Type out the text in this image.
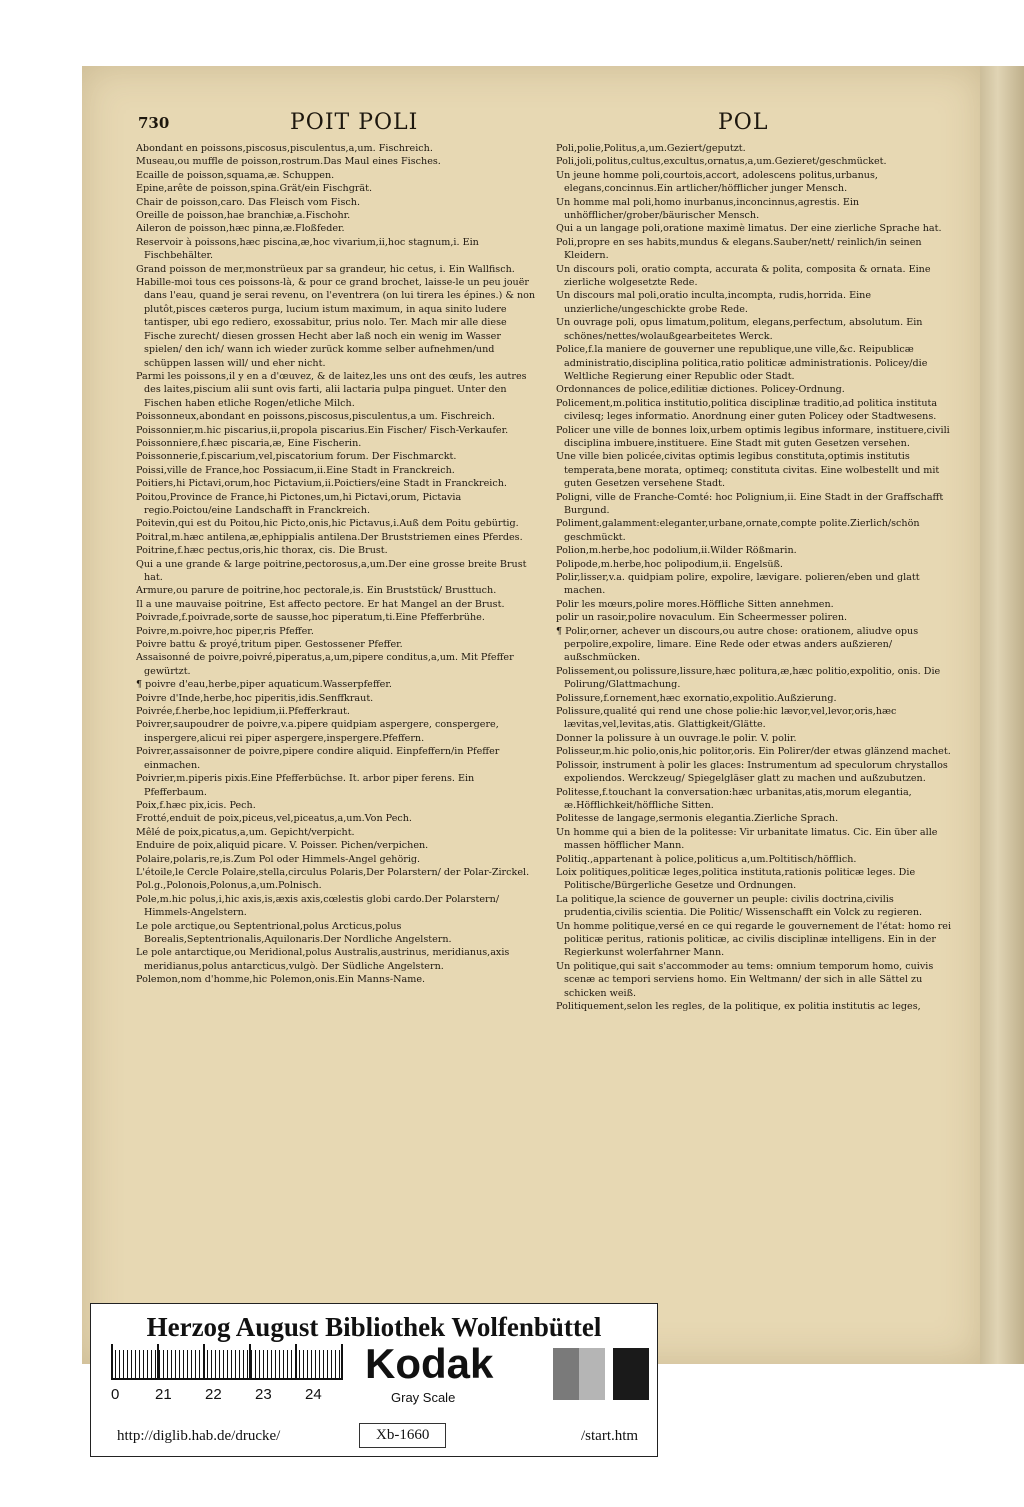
730	POIT POLI	POL

Abondant en poissons,piscosus,pisculentus,a,um. Fischreich.

Museau,ou muffle de poisson,rostrum.Das Maul eines Fisches.

Ecaille de poisson,squama,æ. Schuppen.

Epine,arête de poisson,spina.Grät/ein Fischgrät.

Chair de poisson,caro. Das Fleisch vom Fisch.

Oreille de poisson,hae branchiæ,a.Fischohr.

Aileron de poisson,hæc pinna,æ.Floßfeder.

Reservoir à poissons,hæc piscina,æ,hoc vivarium,ii,hoc stagnum,i. Ein Fischbehälter.

Grand poisson de mer,monstrüeux par sa grandeur, hic cetus, i. Ein Wallfisch.

Habille-moi tous ces poissons-là, & pour ce grand brochet, laisse-le un peu jouër dans l'eau, quand je serai revenu, on l'eventrera (on lui tirera les épines.) & non plutôt,pisces cæteros purga, lucium istum maximum, in aqua sinito ludere tantisper, ubi ego rediero, exossabitur, prius nolo. Ter. Mach mir alle diese Fische zurecht/ diesen grossen Hecht aber laß noch ein wenig im Wasser spielen/ den ich/ wann ich wieder zurück komme selber aufnehmen/und schüppen lassen will/ und eher nicht.

Parmi les poissons,il y en a d'œuvez, & de laitez,les uns ont des œufs, les autres des laites,piscium alii sunt ovis farti, alii lactaria pulpa pinguet. Unter den Fischen haben etliche Rogen/etliche Milch.

Poissonneux,abondant en poissons,piscosus,pisculentus,a um. Fischreich.

Poissonnier,m.hic piscarius,ii,propola piscarius.Ein Fischer/ Fisch-Verkaufer.

Poissonniere,f.hæc piscaria,æ, Eine Fischerin.

Poissonnerie,f.piscarium,vel,piscatorium forum. Der Fischmarckt.

Poissi,ville de France,hoc Possiacum,ii.Eine Stadt in Franckreich.

Poitiers,hi Pictavi,orum,hoc Pictavium,ii.Poictiers/eine Stadt in Franckreich.

Poitou,Province de France,hi Pictones,um,hi Pictavi,orum, Pictavia regio.Poictou/eine Landschafft in Franckreich.

Poitevin,qui est du Poitou,hic Picto,onis,hic Pictavus,i.Auß dem Poitu gebürtig.

Poitral,m.hæc antilena,æ,ephippialis antilena.Der Bruststriemen eines Pferdes.

Poitrine,f.hæc pectus,oris,hic thorax, cis. Die Brust.

Qui a une grande & large poitrine,pectorosus,a,um.Der eine grosse breite Brust hat.

Armure,ou parure de poitrine,hoc pectorale,is. Ein Bruststück/ Brusttuch.

Il a une mauvaise poitrine, Est affecto pectore. Er hat Mangel an der Brust.

Poivrade,f.poivrade,sorte de sausse,hoc piperatum,ti.Eine Pfefferbrühe.

Poivre,m.poivre,hoc piper,ris Pfeffer.

Poivre battu & proyé,tritum piper. Gestossener Pfeffer.

Assaisonné de poivre,poivré,piperatus,a,um,pipere conditus,a,um. Mit Pfeffer gewürtzt.

¶ poivre d'eau,herbe,piper aquaticum.Wasserpfeffer.

Poivre d'Inde,herbe,hoc piperitis,idis.Senffkraut.

Poivrée,f.herbe,hoc lepidium,ii.Pfefferkraut.

Poivrer,saupoudrer de poivre,v.a.pipere quidpiam aspergere, conspergere, inspergere,alicui rei piper aspergere,inspergere.Pfeffern.

Poivrer,assaisonner de poivre,pipere condire aliquid. Einpfeffern/in Pfeffer einmachen.

Poivrier,m.piperis pixis.Eine Pfefferbüchse. It. arbor piper ferens. Ein Pfefferbaum.

Poix,f.hæc pix,icis. Pech.

Frotté,enduit de poix,piceus,vel,piceatus,a,um.Von Pech.

Mêlé de poix,picatus,a,um. Gepicht/verpicht.

Enduire de poix,aliquid picare. V. Poisser. Pichen/verpichen.

Polaire,polaris,re,is.Zum Pol oder Himmels-Angel gehörig.

L'étoile,le Cercle Polaire,stella,circulus Polaris,Der Polarstern/ der Polar-Zirckel.

Pol.g.,Polonois,Polonus,a,um.Polnisch.

Pole,m.hic polus,i,hic axis,is,æxis axis,cœlestis globi cardo.Der Polarstern/ Himmels-Angelstern.

Le pole arctique,ou Septentrional,polus Arcticus,polus Borealis,Septentrionalis,Aquilonaris.Der Nordliche Angelstern.

Le pole antarctique,ou Meridional,polus Australis,austrinus, meridianus,axis meridianus,polus antarcticus,vulgò. Der Südliche Angelstern.

Polemon,nom d'homme,hic Polemon,onis.Ein Manns-Name.

Poli,polie,Politus,a,um.Geziert/geputzt.

Poli,joli,politus,cultus,excultus,ornatus,a,um.Gezieret/geschmücket.

Un jeune homme poli,courtois,accort, adolescens politus,urbanus, elegans,concinnus.Ein artlicher/höfflicher junger Mensch.

Un homme mal poli,homo inurbanus,inconcinnus,agrestis. Ein unhöfflicher/grober/bäurischer Mensch.

Qui a un langage poli,oratione maximè limatus. Der eine zierliche Sprache hat.

Poli,propre en ses habits,mundus & elegans.Sauber/nett/ reinlich/in seinen Kleidern.

Un discours poli, oratio compta, accurata & polita, composita & ornata. Eine zierliche wolgesetzte Rede.

Un discours mal poli,oratio inculta,incompta, rudis,horrida. Eine unzierliche/ungeschickte grobe Rede.

Un ouvrage poli, opus limatum,politum, elegans,perfectum, absolutum. Ein schönes/nettes/wolaußgearbeitetes Werck.

Police,f.la maniere de gouverner une republique,une ville,&c. Reipublicæ administratio,disciplina politica,ratio politicæ administrationis. Policey/die Weltliche Regierung einer Republic oder Stadt.

Ordonnances de police,edilitiæ dictiones. Policey-Ordnung.

Policement,m.politica institutio,politica disciplinæ traditio,ad politica instituta civilesq; leges informatio. Anordnung einer guten Policey oder Stadtwesens.

Policer une ville de bonnes loix,urbem optimis legibus informare, instituere,civili disciplina imbuere,instituere. Eine Stadt mit guten Gesetzen versehen.

Une ville bien policée,civitas optimis legibus constituta,optimis institutis temperata,bene morata, optimeq; constituta civitas. Eine wolbestellt und mit guten Gesetzen versehene Stadt.

Poligni, ville de Franche-Comté: hoc Polignium,ii. Eine Stadt in der Graffschafft Burgund.

Poliment,galamment:eleganter,urbane,ornate,compte polite.Zierlich/schön geschmückt.

Polion,m.herbe,hoc podolium,ii.Wilder Rößmarin.

Polipode,m.herbe,hoc polipodium,ii. Engelsüß.

Polir,lisser,v.a. quidpiam polire, expolire, lævigare. polieren/eben und glatt machen.

Polir les mœurs,polire mores.Höffliche Sitten annehmen.

polir un rasoir,polire novaculum. Ein Scheermesser poliren.

¶ Polir,orner, achever un discours,ou autre chose: orationem, aliudve opus perpolire,expolire, limare. Eine Rede oder etwas anders außzieren/ außschmücken.

Polissement,ou polissure,lissure,hæc politura,æ,hæc politio,expolitio, onis. Die Polirung/Glattmachung.

Polissure,f.ornement,hæc exornatio,expolitio.Außzierung.

Polissure,qualité qui rend une chose polie:hic lævor,vel,levor,oris,hæc lævitas,vel,levitas,atis. Glattigkeit/Glätte.

Donner la polissure à un ouvrage.le polir. V. polir.

Polisseur,m.hic polio,onis,hic politor,oris. Ein Polirer/der etwas glänzend machet.

Polissoir, instrument à polir les glaces: Instrumentum ad speculorum chrystallos expoliendos. Werckzeug/ Spiegelgläser glatt zu machen und außzubutzen.

Politesse,f.touchant la conversation:hæc urbanitas,atis,morum elegantia, æ.Höfflichkeit/höffliche Sitten.

Politesse de langage,sermonis elegantia.Zierliche Sprach.

Un homme qui a bien de la politesse: Vir urbanitate limatus. Cic. Ein über alle massen höfflicher Mann.

Politiq.,appartenant à police,politicus a,um.Poltitisch/höfflich.

Loix politiques,politicæ leges,politica instituta,rationis politicæ leges. Die Politische/Bürgerliche Gesetze und Ordnungen.

La politique,la science de gouverner un peuple: civilis doctrina,civilis prudentia,civilis scientia. Die Politic/ Wissenschafft ein Volck zu regieren.

Un homme politique,versé en ce qui regarde le gouvernement de l'état: homo rei politicæ peritus, rationis politicæ, ac civilis disciplinæ intelligens. Ein in der Regierkunst wolerfahrner Mann.

Un politique,qui sait s'accommoder au tems: omnium temporum homo, cuivis scenæ ac tempori serviens homo. Ein Weltmann/ der sich in alle Sättel zu schicken weiß.

Politiquement,selon les regles, de la politique, ex politia institutis ac leges,

Herzog August Bibliothek Wolfenbüttel
0 21 22 23 24
Kodak
Gray Scale
http://diglib.hab.de/drucke/	Xb-1660	/start.htm
